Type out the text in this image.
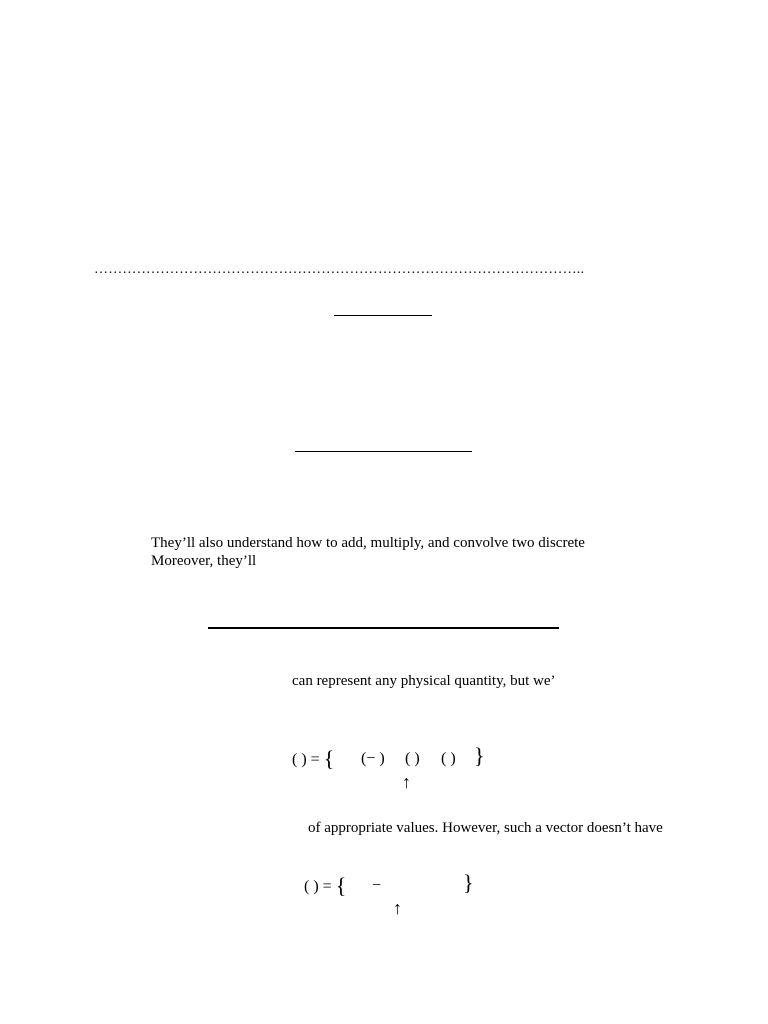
…………………………………………………………………………………………..
They’ll also understand how to add, multiply, and convolve two discrete
Moreover, they’ll
can represent any physical quantity, but we’
( ) = { (− ) ( ) ( ) }
↑
of appropriate values. However, such a vector doesn’t have
( ) = { −	}
↑
